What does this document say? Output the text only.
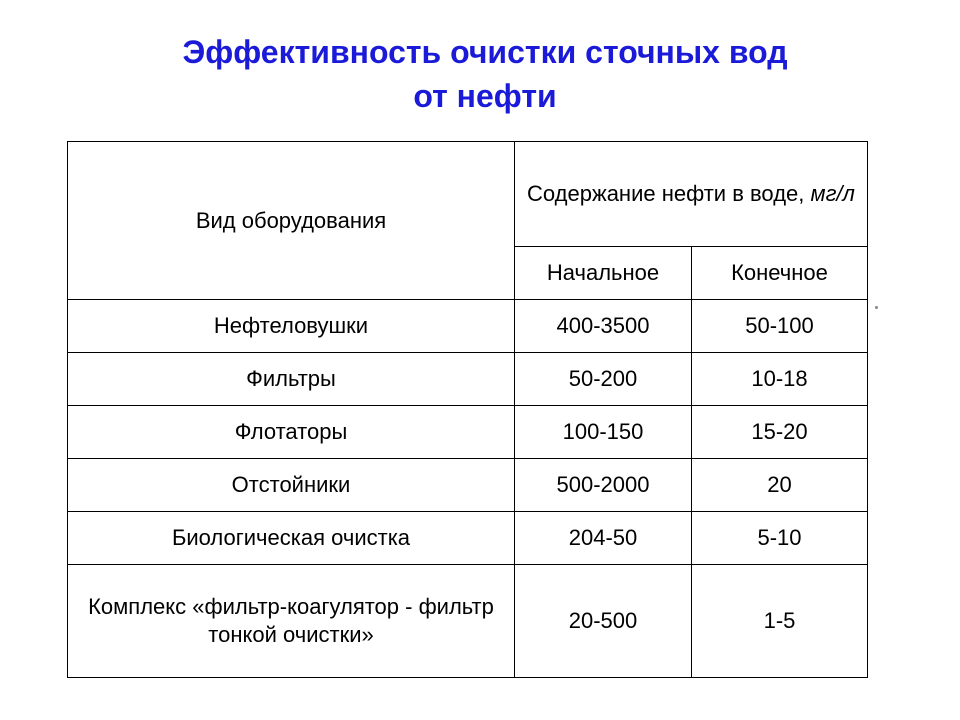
Эффективность очистки сточных вод
от нефти
Вид оборудования	Содержание нефти в воде, мг/л	
	Начальное	Конечное
Нефтеловушки	400-3500	50-100
Фильтры	50-200	10-18
Флотаторы	100-150	15-20
Отстойники	500-2000	20
Биологическая очистка	204-50	5-10
Комплекс «фильтр-коагулятор - фильтр тонкой очистки»	20-500	1-5
